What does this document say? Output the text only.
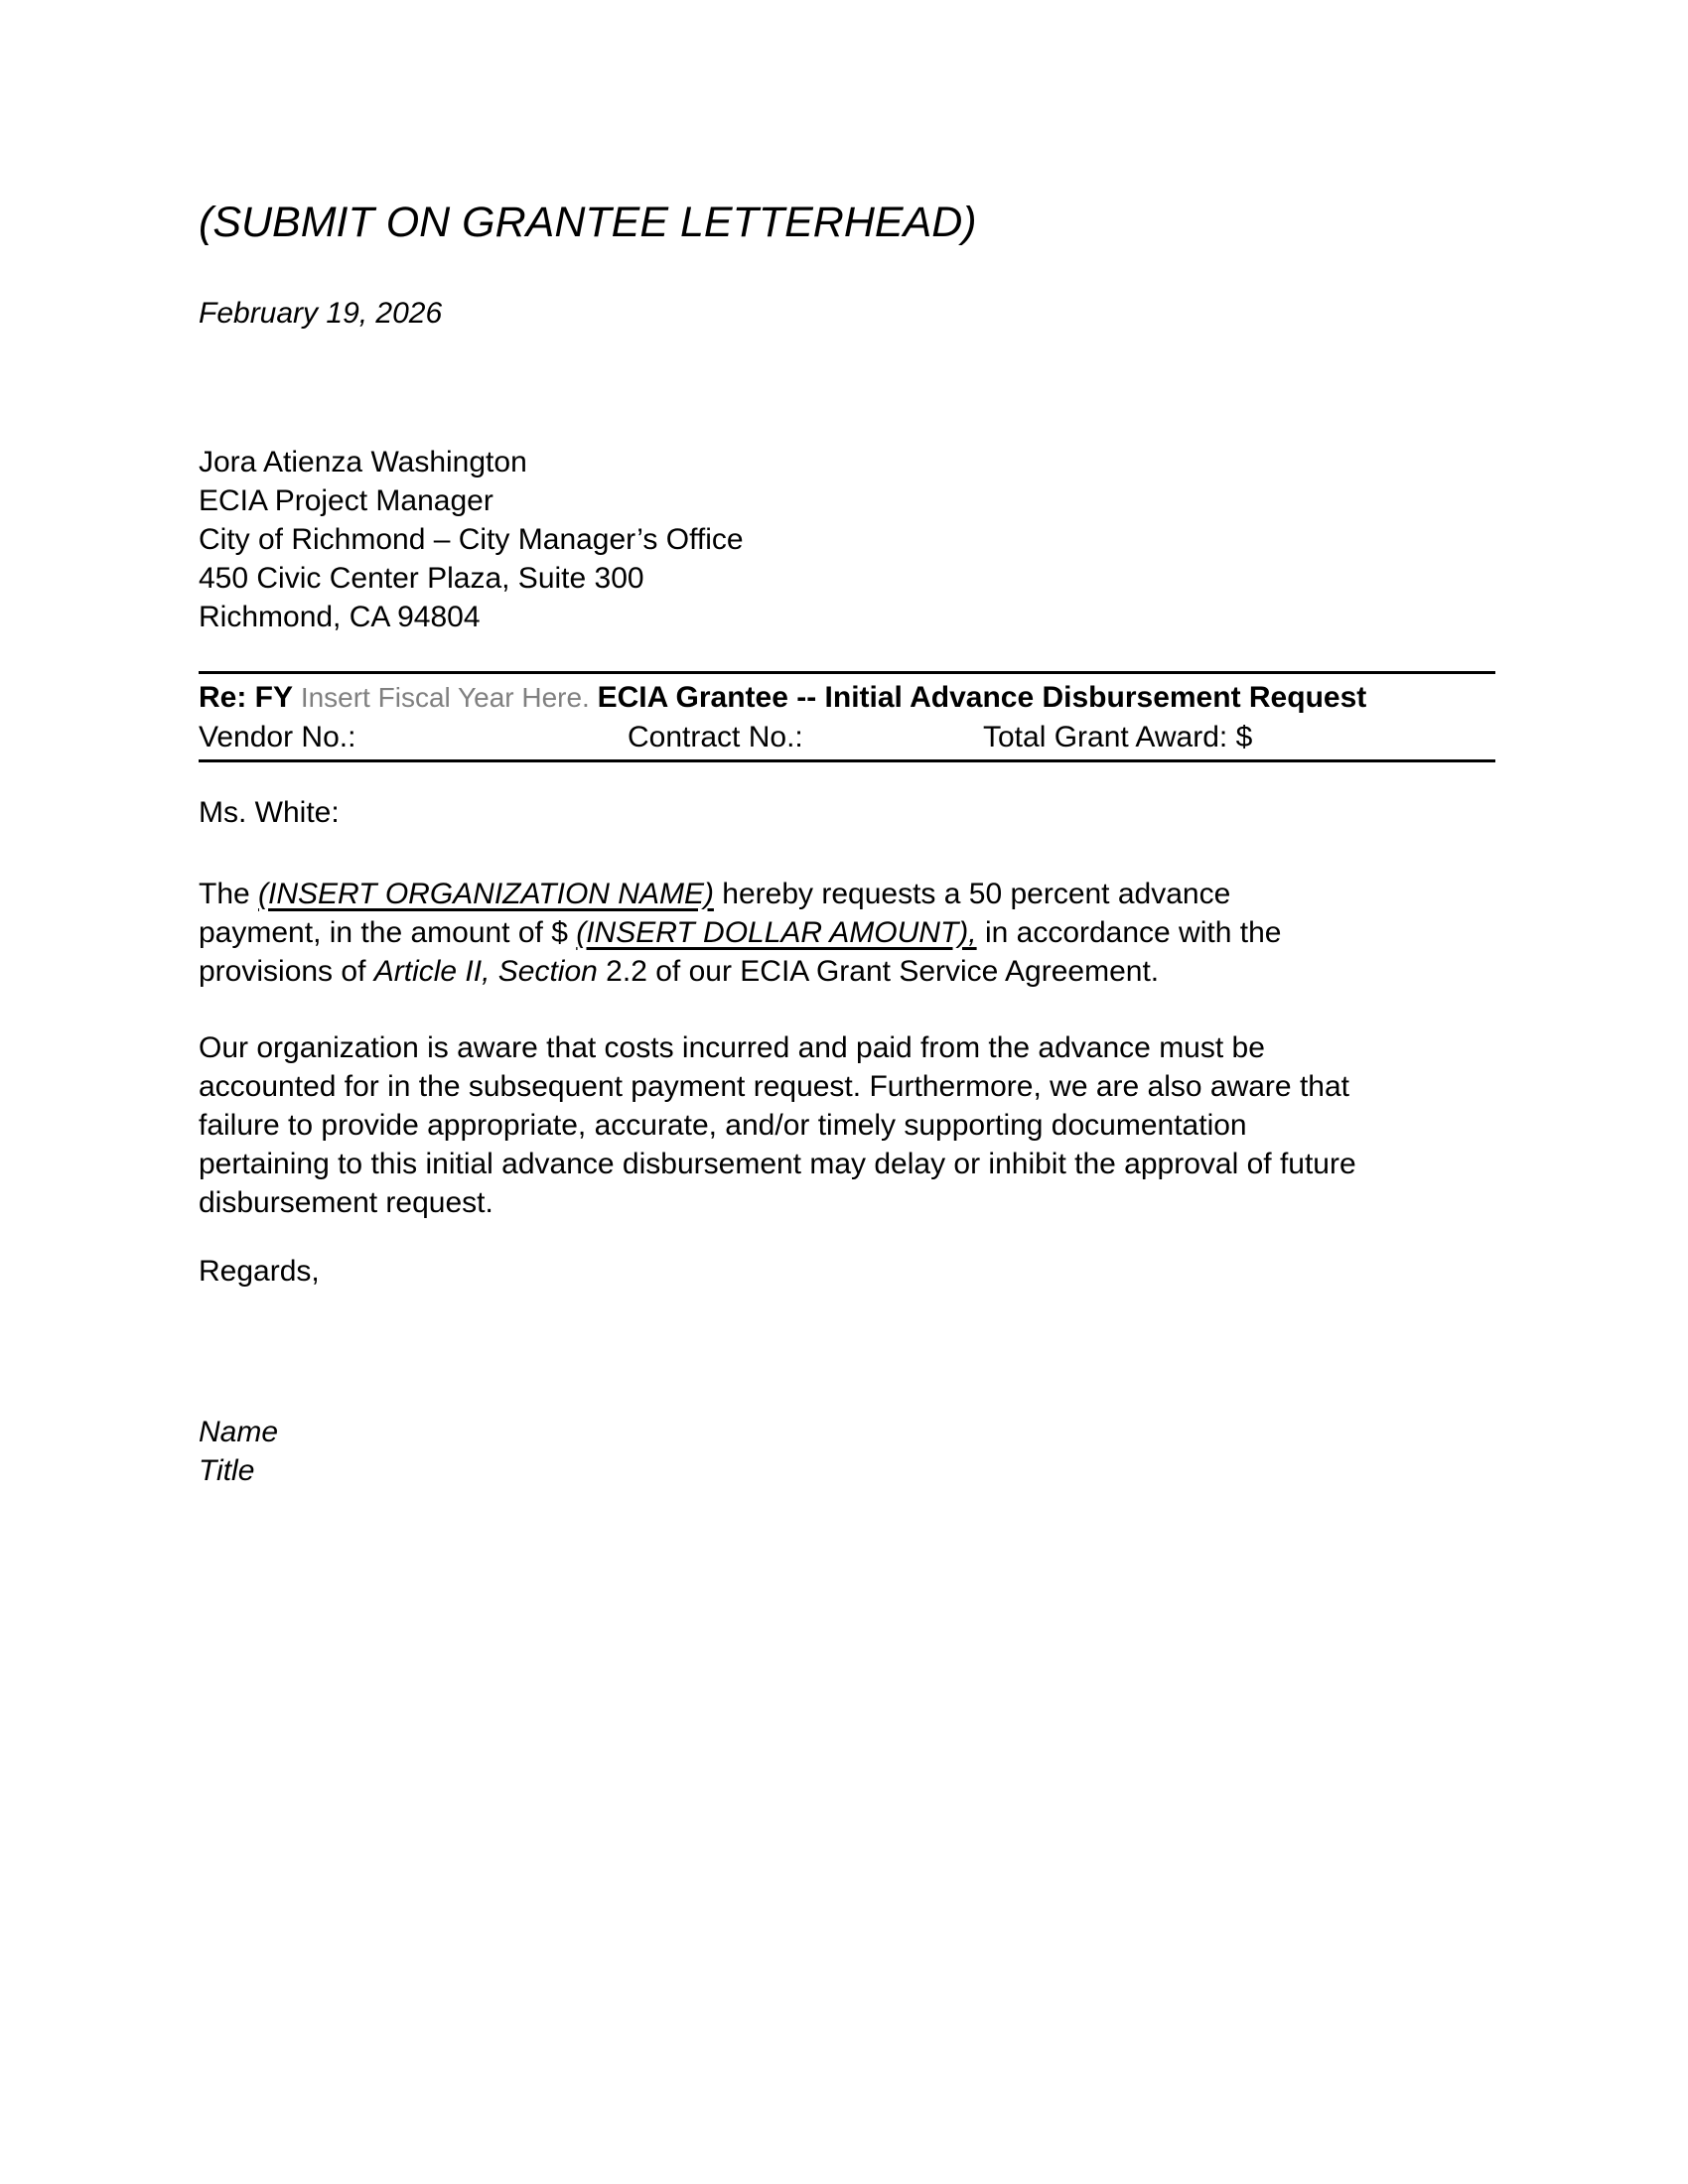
(SUBMIT ON GRANTEE LETTERHEAD)
February 19, 2026
Jora Atienza Washington
ECIA Project Manager
City of Richmond – City Manager’s Office
450 Civic Center Plaza, Suite 300
Richmond, CA 94804
Re: FY Insert Fiscal Year Here. ECIA Grantee -- Initial Advance Disbursement Request
Vendor No.:	Contract No.:	Total Grant Award: $
Ms. White:
The (INSERT ORGANIZATION NAME) hereby requests a 50 percent advance
payment, in the amount of $ (INSERT DOLLAR AMOUNT), in accordance with the
provisions of Article II, Section 2.2 of our ECIA Grant Service Agreement.
Our organization is aware that costs incurred and paid from the advance must be
accounted for in the subsequent payment request. Furthermore, we are also aware that
failure to provide appropriate, accurate, and/or timely supporting documentation
pertaining to this initial advance disbursement may delay or inhibit the approval of future
disbursement request.
Regards,
Name
Title
